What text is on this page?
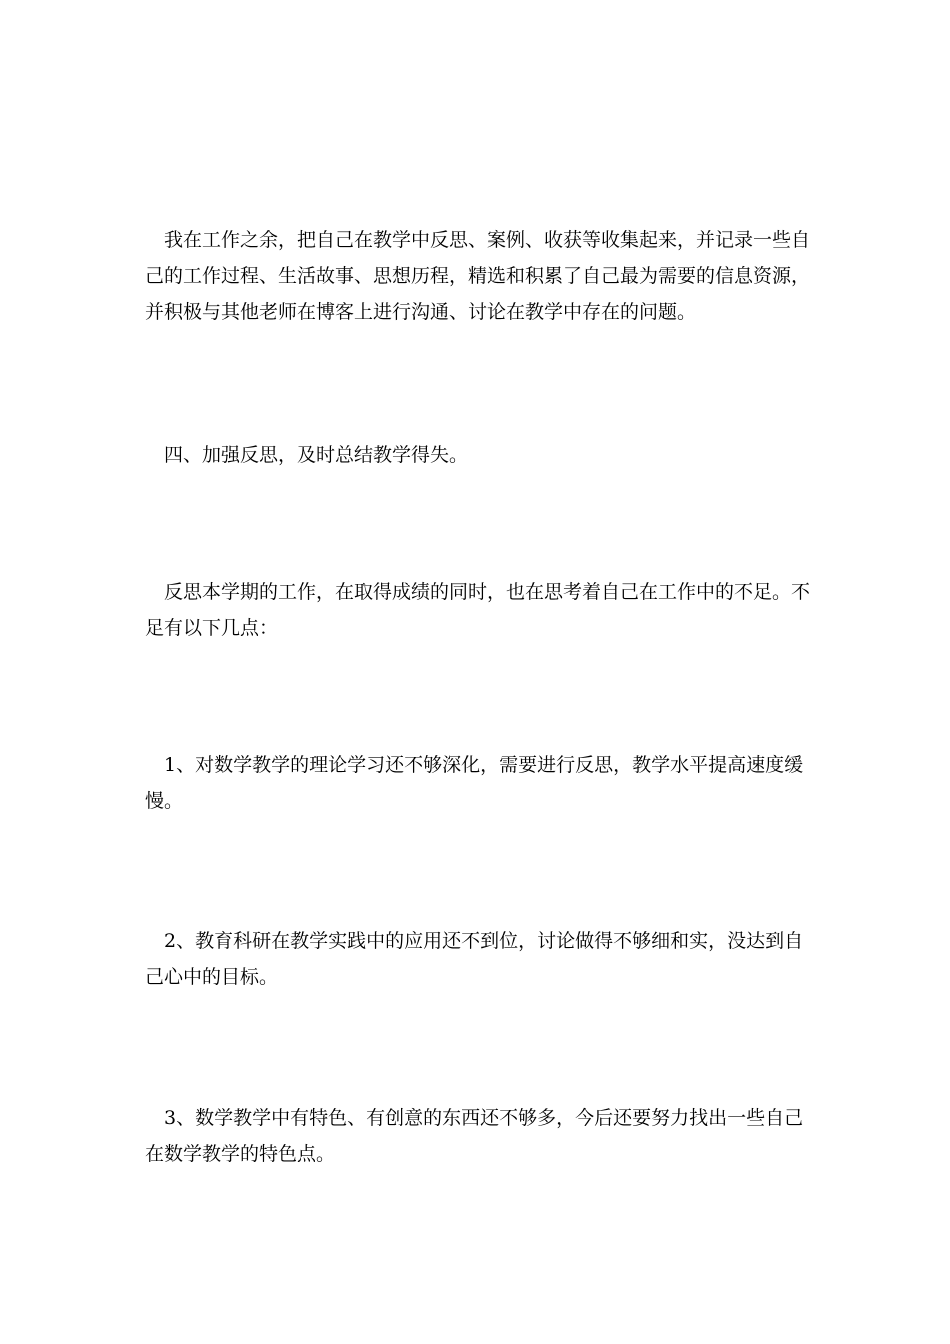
　我在工作之余，把自己在教学中反思、案例、收获等收集起来，并记录一些自己的工作过程、生活故事、思想历程，精选和积累了自己最为需要的信息资源，并积极与其他老师在博客上进行沟通、讨论在教学中存在的问题。

　四、加强反思，及时总结教学得失。

　反思本学期的工作，在取得成绩的同时，也在思考着自己在工作中的不足。不足有以下几点：

　1、对数学教学的理论学习还不够深化，需要进行反思，教学水平提高速度缓慢。

　2、教育科研在教学实践中的应用还不到位，讨论做得不够细和实，没达到自己心中的目标。

　3、数学教学中有特色、有创意的东西还不够多，今后还要努力找出一些自己在数学教学的特色点。
